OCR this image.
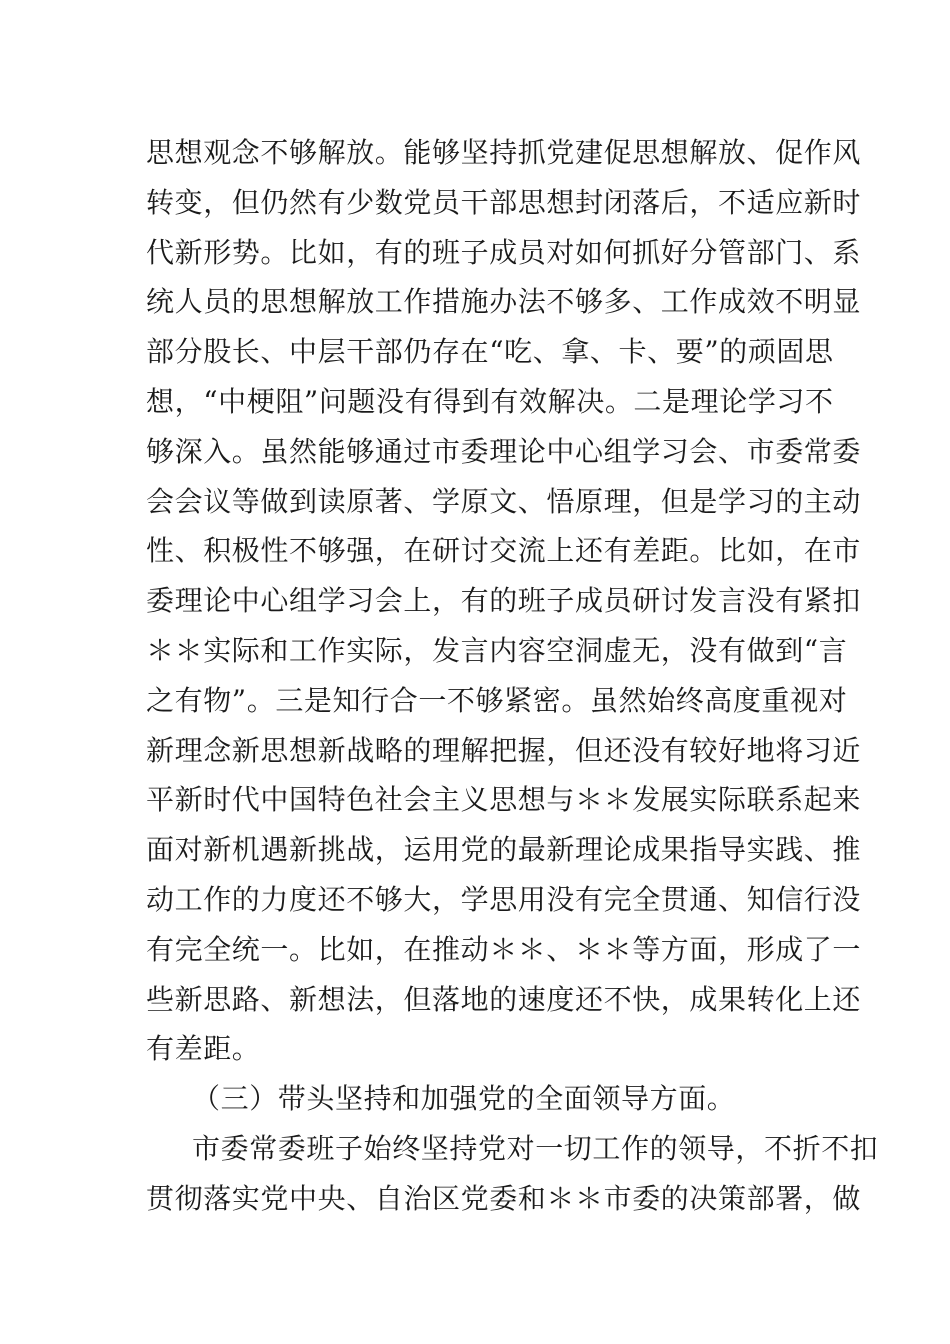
思想观念不够解放。能够坚持抓党建促思想解放、促作风
转变，但仍然有少数党员干部思想封闭落后，不适应新时
代新形势。比如，有的班子成员对如何抓好分管部门、系
统人员的思想解放工作措施办法不够多、工作成效不明显
部分股长、中层干部仍存在“吃、拿、卡、要”的顽固思
想，“中梗阻”问题没有得到有效解决。二是理论学习不
够深入。虽然能够通过市委理论中心组学习会、市委常委
会会议等做到读原著、学原文、悟原理，但是学习的主动
性、积极性不够强，在研讨交流上还有差距。比如，在市
委理论中心组学习会上，有的班子成员研讨发言没有紧扣
＊＊实际和工作实际，发言内容空洞虚无，没有做到“言
之有物”。三是知行合一不够紧密。虽然始终高度重视对
新理念新思想新战略的理解把握，但还没有较好地将习近
平新时代中国特色社会主义思想与＊＊发展实际联系起来
面对新机遇新挑战，运用党的最新理论成果指导实践、推
动工作的力度还不够大，学思用没有完全贯通、知信行没
有完全统一。比如，在推动＊＊、＊＊等方面，形成了一
些新思路、新想法，但落地的速度还不快，成果转化上还
有差距。
（三）带头坚持和加强党的全面领导方面。
市委常委班子始终坚持党对一切工作的领导，不折不扣
贯彻落实党中央、自治区党委和＊＊市委的决策部署，做
